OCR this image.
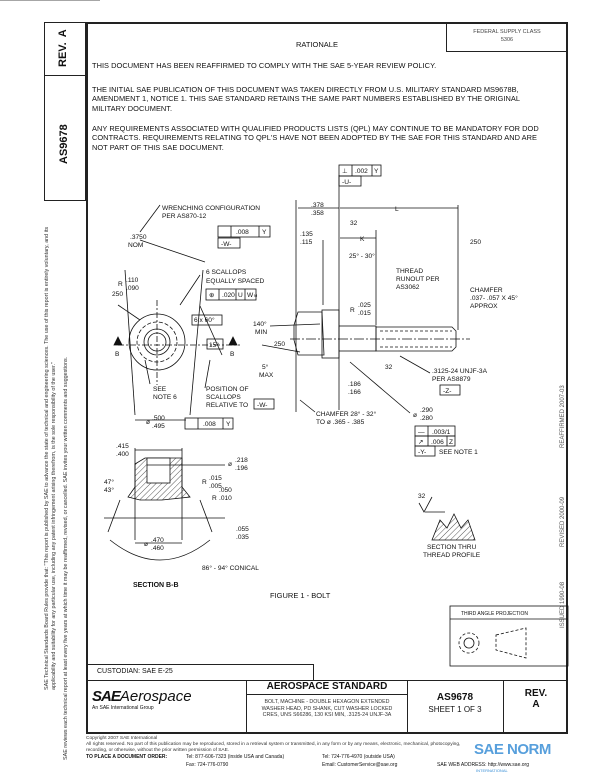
REV. A
AS9678
SAE Technical Standards Board Rules provide that: "This report is published by SAE to advance the state of technical and engineering sciences. The use of this report is entirely voluntary, and its applicability and suitability for any particular use, including any patent infringement arising therefrom, is the sole responsibility of the user." SAE reviews each technical report at least every five years at which time it may be reaffirmed, revised, or cancelled. SAE invites your written comments and suggestions.
FEDERAL SUPPLY CLASS
5306
RATIONALE
THIS DOCUMENT HAS BEEN REAFFIRMED TO COMPLY WITH THE SAE 5-YEAR REVIEW POLICY.
THE INITIAL SAE PUBLICATION OF THIS DOCUMENT WAS TAKEN DIRECTLY FROM U.S. MILITARY STANDARD MS9678B, AMENDMENT 1, NOTICE 1. THIS SAE STANDARD RETAINS THE SAME PART NUMBERS ESTABLISHED BY THE ORIGINAL MILITARY DOCUMENT.
ANY REQUIREMENTS ASSOCIATED WITH QUALIFIED PRODUCTS LISTS (QPL) MAY CONTINUE TO BE MANDATORY FOR DOD CONTRACTS. REQUIREMENTS RELATING TO QPL'S HAVE NOT BEEN ADOPTED BY THE SAE FOR THIS STANDARD AND ARE NOT PART OF THIS SAE DOCUMENT.
ISSUED 1990-08
REVISED 2000-09
REAFFIRMED 2007-03
WRENCHING CONFIGURATION
PER AS870-12
.3750
NOM
.008 Y
-W-
6 SCALLOPS
EQUALLY SPACED
⊕ .020 U W M
R
.110
.090
250
6 x 60°
15°
B	B
SEE
NOTE 6
POSITION OF
SCALLOPS
RELATIVE TO -W-
ø
.500
.495	.008 Y
⊥ .002 Y
-U-
.378
.358
L
32
.135
.115	K
25° - 30°
THREAD
RUNOUT PER
AS3062
250
CHAMFER
.037- .057 X 45°
APPROX
R
.025
.015
140°
MIN
250
5°
MAX
32
.3125-24 UNJF-3A
PER AS8879
-Z-
.186
.166
CHAMFER 28° - 32°
TO ø .365 - .385
ø
.290
.280
— .003/1
↗ .006 Z
-Y- SEE NOTE 1
.415
.400
ø
.218
.196
47°
43°
R
.015
.005
R
.050
.010
.055
.035
ø
.470
.460
86° - 94° CONICAL
SECTION B-B
32
SECTION THRU
THREAD PROFILE
FIGURE 1 - BOLT
THIRD ANGLE PROJECTION
CUSTODIAN: SAE E-25
SAEAerospace
An SAE International Group
AEROSPACE STANDARD
BOLT, MACHINE - DOUBLE HEXAGON EXTENDED
WASHER HEAD, PD SHANK, CUT WASHER LOCKED
CRES, UNS S66286, 130 KSI MIN, .3125-24 UNJF-3A
AS9678
SHEET 1 OF 3
REV.
A
Copyright 2007 SAE International
All rights reserved. No part of this publication may be reproduced, stored in a retrieval system or transmitted, in any form or by any means, electronic, mechanical, photocopying,
recording, or otherwise, without the prior written permission of SAE.
TO PLACE A DOCUMENT ORDER:	Tel: 877-606-7323 (inside USA and Canada)
Fax: 724-776-0790
Tel: 724-776-4970 (outside USA)
Email: CustomerService@sae.org	SAE WEB ADDRESS: http://www.sae.org
SAE NORM
INTERNATIONAL
